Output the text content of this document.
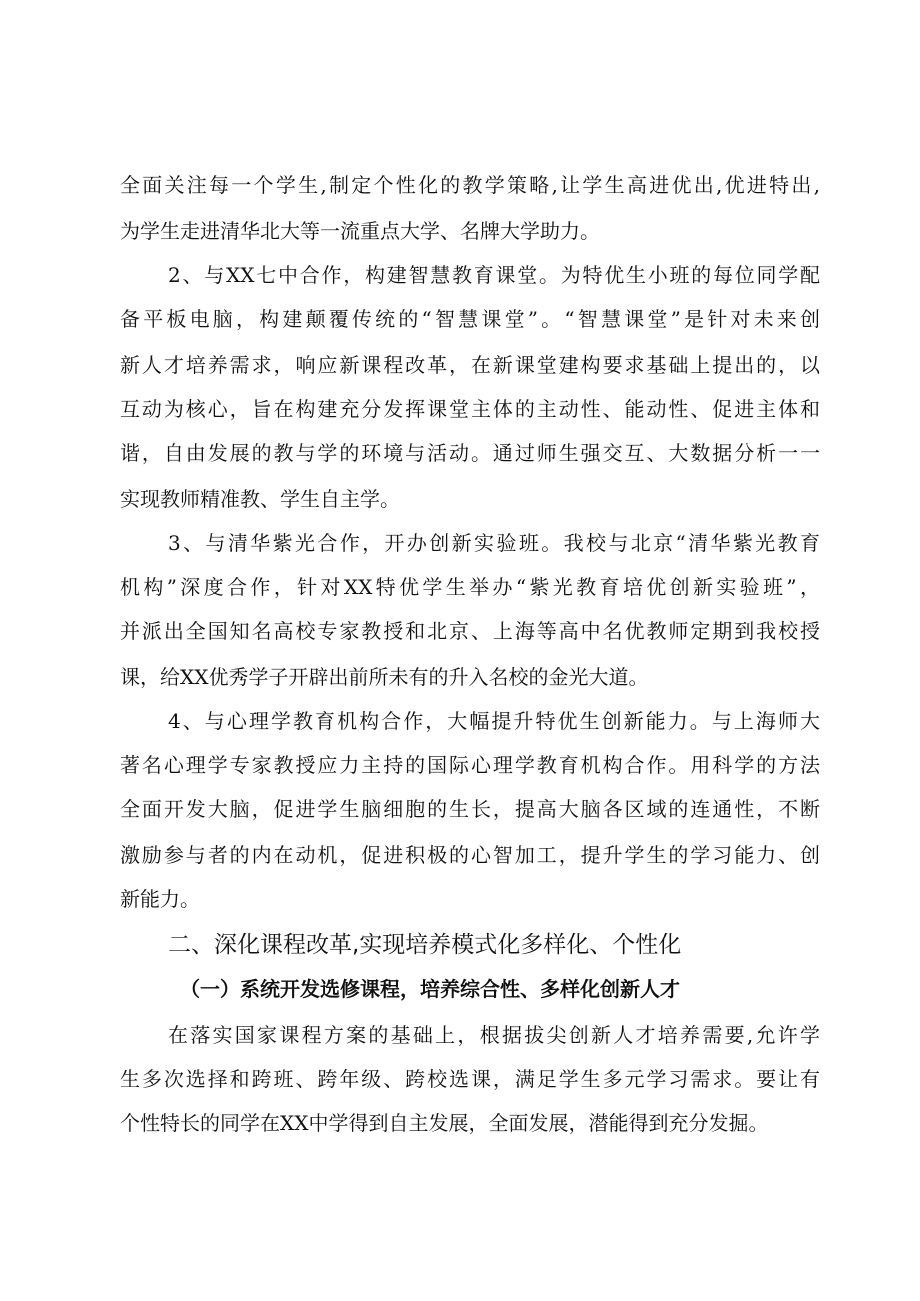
全面关注每一个学生,制定个性化的教学策略,让学生高进优出,优进特出,
为学生走进清华北大等一流重点大学、名牌大学助力。
2、与XX七中合作，构建智慧教育课堂。为特优生小班的每位同学配
备平板电脑，构建颠覆传统的“智慧课堂”。“智慧课堂”是针对未来创
新人才培养需求，响应新课程改革，在新课堂建构要求基础上提出的，以
互动为核心，旨在构建充分发挥课堂主体的主动性、能动性、促进主体和
谐，自由发展的教与学的环境与活动。通过师生强交互、大数据分析一一
实现教师精准教、学生自主学。
3、与清华紫光合作，开办创新实验班。我校与北京“清华紫光教育
机构”深度合作，针对XX特优学生举办“紫光教育培优创新实验班”，
并派出全国知名高校专家教授和北京、上海等高中名优教师定期到我校授
课，给XX优秀学子开辟出前所未有的升入名校的金光大道。
4、与心理学教育机构合作，大幅提升特优生创新能力。与上海师大
著名心理学专家教授应力主持的国际心理学教育机构合作。用科学的方法
全面开发大脑，促进学生脑细胞的生长，提高大脑各区域的连通性，不断
激励参与者的内在动机，促进积极的心智加工，提升学生的学习能力、创
新能力。
二、深化课程改革,实现培养模式化多样化、个性化
（一）系统开发选修课程，培养综合性、多样化创新人才
在落实国家课程方案的基础上，根据拔尖创新人才培养需要,允许学
生多次选择和跨班、跨年级、跨校选课，满足学生多元学习需求。要让有
个性特长的同学在XX中学得到自主发展，全面发展，潜能得到充分发掘。
